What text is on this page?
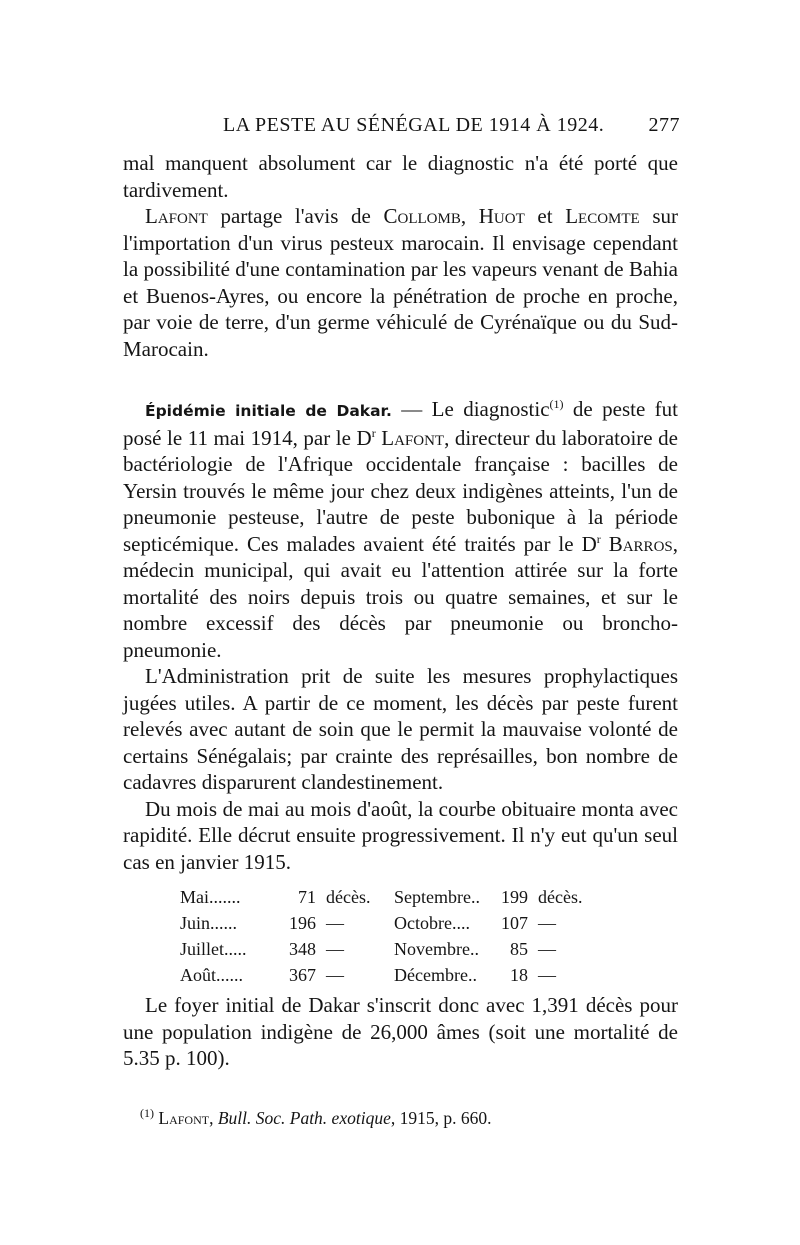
LA PESTE AU SÉNÉGAL DE 1914 À 1924. 277

mal manquent absolument car le diagnostic n'a été porté que tardivement.

Lafont partage l'avis de Collomb, Huot et Lecomte sur l'importation d'un virus pesteux marocain. Il envisage cependant la possibilité d'une contamination par les vapeurs venant de Bahia et Buenos-Ayres, ou encore la pénétration de proche en proche, par voie de terre, d'un germe véhiculé de Cyrénaïque ou du Sud-Marocain.

Épidémie initiale de Dakar. — Le diagnostic$^{(1)}$ de peste fut posé le 11 mai 1914, par le $D^r$ Lafont, directeur du laboratoire de bactériologie de l'Afrique occidentale française : bacilles de Yersin trouvés le même jour chez deux indigènes atteints, l'un de pneumonie pesteuse, l'autre de peste bubonique à la période septicémique. Ces malades avaient été traités par le $D^r$ Barros, médecin municipal, qui avait eu l'attention attirée sur la forte mortalité des noirs depuis trois ou quatre semaines, et sur le nombre excessif des décès par pneumonie ou broncho-pneumonie.

L'Administration prit de suite les mesures prophylactiques jugées utiles. A partir de ce moment, les décès par peste furent relevés avec autant de soin que le permit la mauvaise volonté de certains Sénégalais; par crainte des représailles, bon nombre de cadavres disparurent clandestinement.

Du mois de mai au mois d'août, la courbe obituaire monta avec rapidité. Elle décrut ensuite progressivement. Il n'y eut qu'un seul cas en janvier 1915.

Mai.......	71	décès.	Septembre..	199	décès.
Juin......	196	—	Octobre....	107	—
Juillet.....	348	—	Novembre..	85	—
Août......	367	—	Décembre..	18	—

Le foyer initial de Dakar s'inscrit donc avec 1,391 décès pour une population indigène de 26,000 âmes (soit une mortalité de 5.35 p. 100).

$^{(1)}$ Lafont, Bull. Soc. Path. exotique, 1915, p. 660.
